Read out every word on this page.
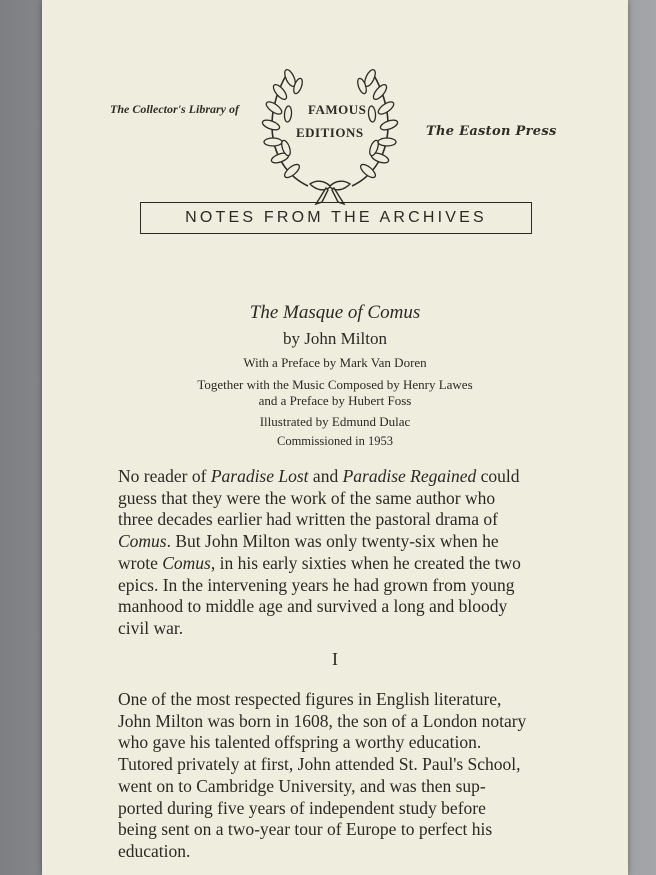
The Collector's Library of	FAMOUS
EDITIONS	The Easton Press
NOTES FROM THE ARCHIVES
The Masque of Comus
by John Milton
With a Preface by Mark Van Doren
Together with the Music Composed by Henry Lawes
and a Preface by Hubert Foss
Illustrated by Edmund Dulac
Commissioned in 1953
No reader of Paradise Lost and Paradise Regained could
guess that they were the work of the same author who
three decades earlier had written the pastoral drama of
Comus. But John Milton was only twenty-six when he
wrote Comus, in his early sixties when he created the two
epics. In the intervening years he had grown from young
manhood to middle age and survived a long and bloody
civil war.
I
One of the most respected figures in English literature,
John Milton was born in 1608, the son of a London notary
who gave his talented offspring a worthy education.
Tutored privately at first, John attended St. Paul's School,
went on to Cambridge University, and was then sup-
ported during five years of independent study before
being sent on a two-year tour of Europe to perfect his
education.
